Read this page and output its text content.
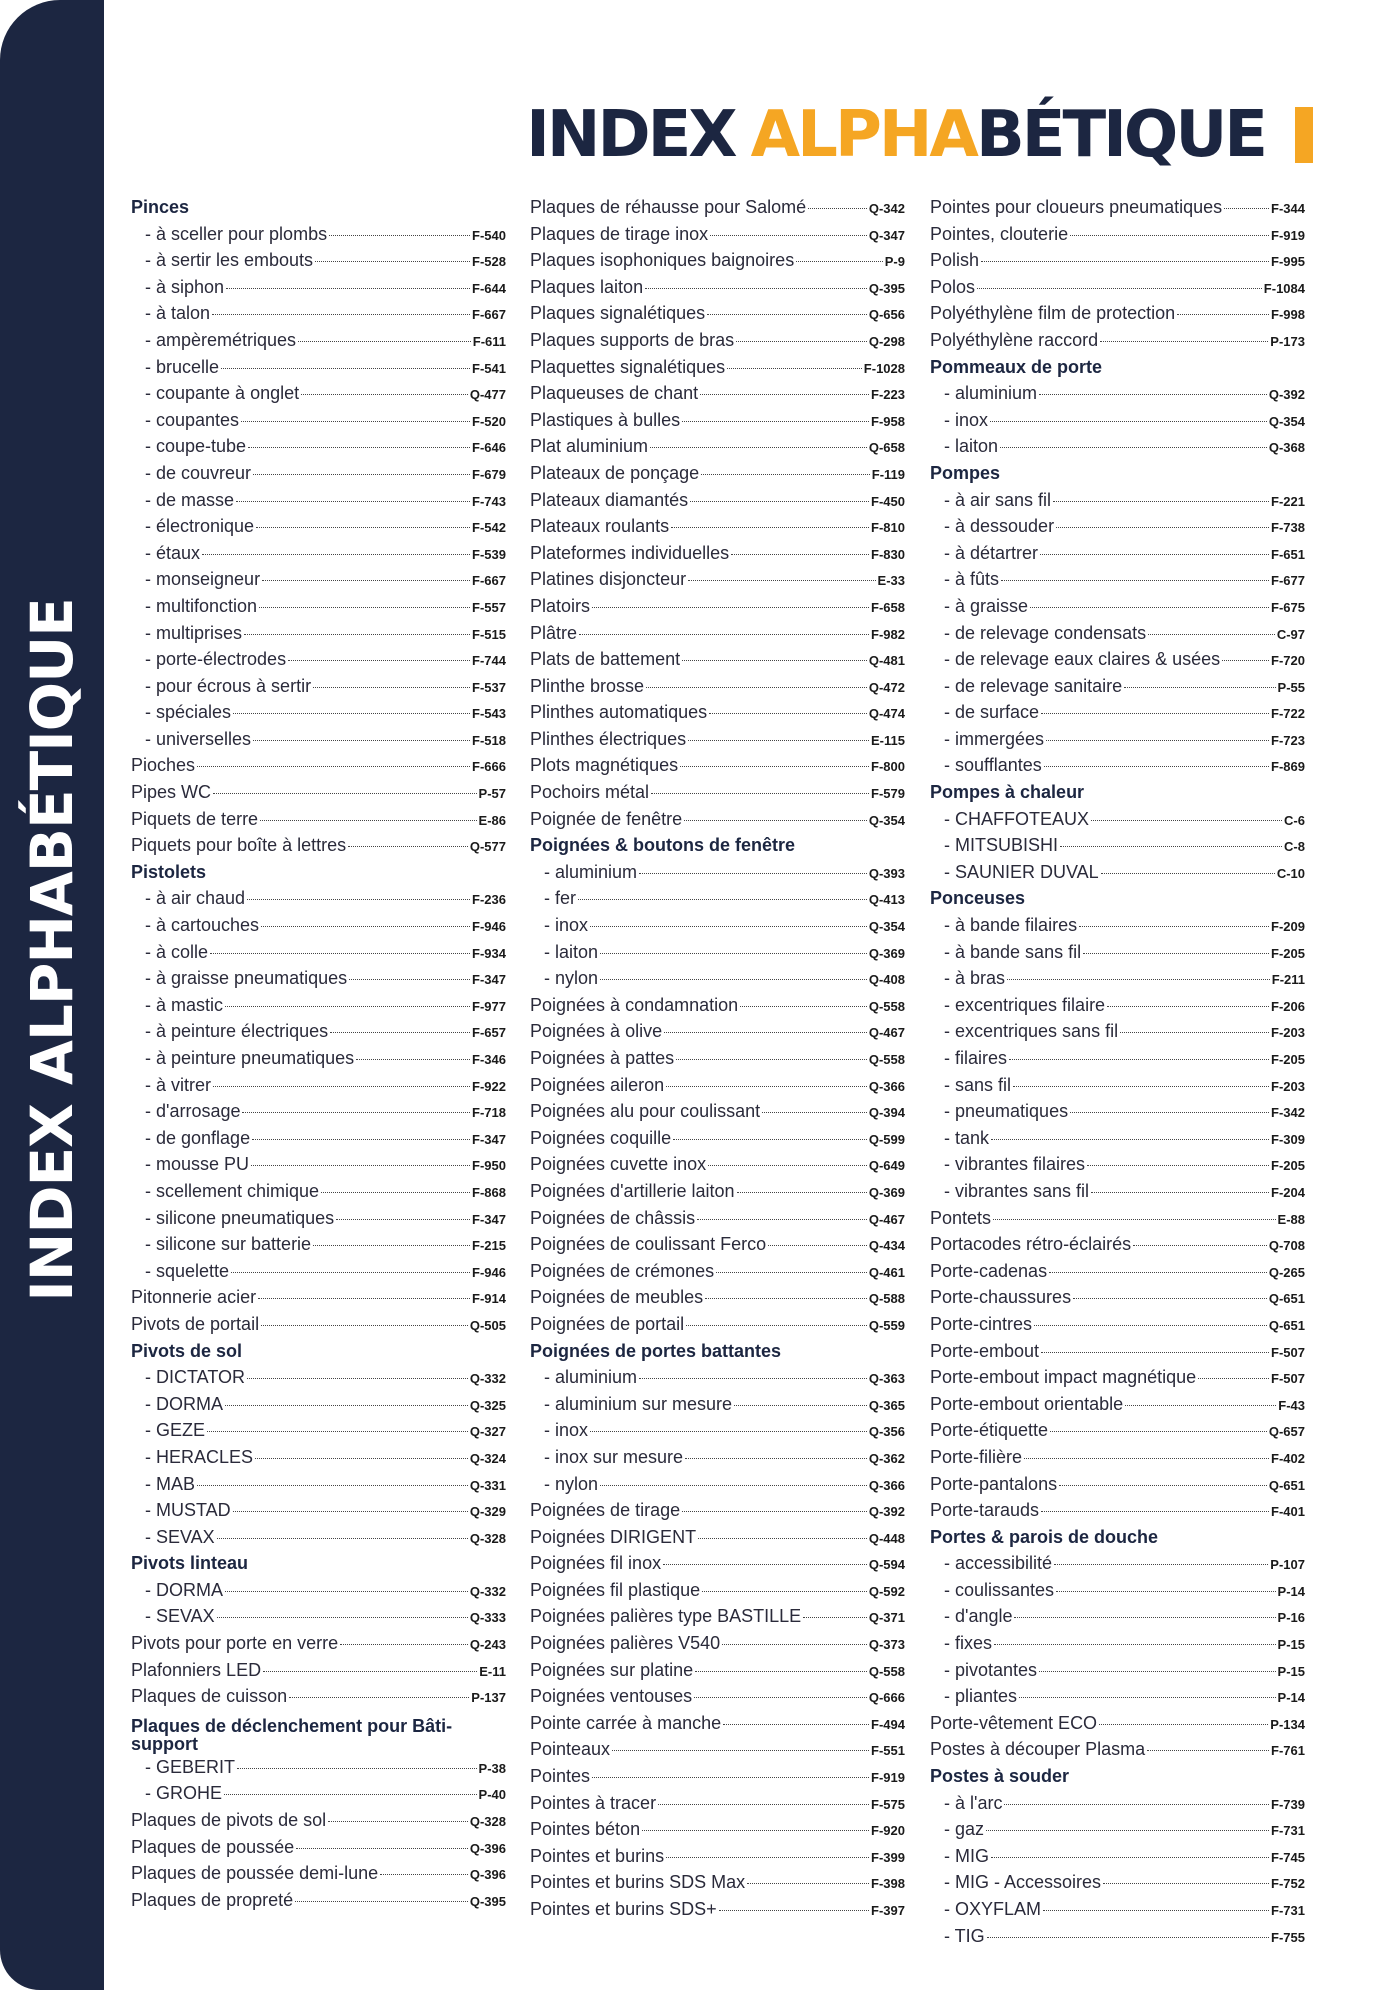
INDEX ALPHABÉTIQUE
INDEX ALPHA BÉTIQUE
Pinces
- à sceller pour plombs	F-540
- à sertir les embouts	F-528
- à siphon	F-644
- à talon	F-667
- ampèremétriques	F-611
- brucelle	F-541
- coupante à onglet	Q-477
- coupantes	F-520
- coupe-tube	F-646
- de couvreur	F-679
- de masse	F-743
- électronique	F-542
- étaux	F-539
- monseigneur	F-667
- multifonction	F-557
- multiprises	F-515
- porte-électrodes	F-744
- pour écrous à sertir	F-537
- spéciales	F-543
- universelles	F-518
Pioches	F-666
Pipes WC	P-57
Piquets de terre	E-86
Piquets pour boîte à lettres	Q-577
Pistolets
- à air chaud	F-236
- à cartouches	F-946
- à colle	F-934
- à graisse pneumatiques	F-347
- à mastic	F-977
- à peinture électriques	F-657
- à peinture pneumatiques	F-346
- à vitrer	F-922
- d'arrosage	F-718
- de gonflage	F-347
- mousse PU	F-950
- scellement chimique	F-868
- silicone pneumatiques	F-347
- silicone sur batterie	F-215
- squelette	F-946
Pitonnerie acier	F-914
Pivots de portail	Q-505
Pivots de sol
- DICTATOR	Q-332
- DORMA	Q-325
- GEZE	Q-327
- HERACLES	Q-324
- MAB	Q-331
- MUSTAD	Q-329
- SEVAX	Q-328
Pivots linteau
- DORMA	Q-332
- SEVAX	Q-333
Pivots pour porte en verre	Q-243
Plafonniers LED	E-11
Plaques de cuisson	P-137
Plaques de déclenchement pour Bâti-support
- GEBERIT	P-38
- GROHE	P-40
Plaques de pivots de sol	Q-328
Plaques de poussée	Q-396
Plaques de poussée demi-lune	Q-396
Plaques de propreté	Q-395
Plaques de réhausse pour Salomé	Q-342
Plaques de tirage inox	Q-347
Plaques isophoniques baignoires	P-9
Plaques laiton	Q-395
Plaques signalétiques	Q-656
Plaques supports de bras	Q-298
Plaquettes signalétiques	F-1028
Plaqueuses de chant	F-223
Plastiques à bulles	F-958
Plat aluminium	Q-658
Plateaux de ponçage	F-119
Plateaux diamantés	F-450
Plateaux roulants	F-810
Plateformes individuelles	F-830
Platines disjoncteur	E-33
Platoirs	F-658
Plâtre	F-982
Plats de battement	Q-481
Plinthe brosse	Q-472
Plinthes automatiques	Q-474
Plinthes électriques	E-115
Plots magnétiques	F-800
Pochoirs métal	F-579
Poignée de fenêtre	Q-354
Poignées & boutons de fenêtre
- aluminium	Q-393
- fer	Q-413
- inox	Q-354
- laiton	Q-369
- nylon	Q-408
Poignées à condamnation	Q-558
Poignées à olive	Q-467
Poignées à pattes	Q-558
Poignées aileron	Q-366
Poignées alu pour coulissant	Q-394
Poignées coquille	Q-599
Poignées cuvette inox	Q-649
Poignées d'artillerie laiton	Q-369
Poignées de châssis	Q-467
Poignées de coulissant Ferco	Q-434
Poignées de crémones	Q-461
Poignées de meubles	Q-588
Poignées de portail	Q-559
Poignées de portes battantes
- aluminium	Q-363
- aluminium sur mesure	Q-365
- inox	Q-356
- inox sur mesure	Q-362
- nylon	Q-366
Poignées de tirage	Q-392
Poignées DIRIGENT	Q-448
Poignées fil inox	Q-594
Poignées fil plastique	Q-592
Poignées palières type BASTILLE	Q-371
Poignées palières V540	Q-373
Poignées sur platine	Q-558
Poignées ventouses	Q-666
Pointe carrée à manche	F-494
Pointeaux	F-551
Pointes	F-919
Pointes à tracer	F-575
Pointes béton	F-920
Pointes et burins	F-399
Pointes et burins SDS Max	F-398
Pointes et burins SDS+	F-397
Pointes pour cloueurs pneumatiques	F-344
Pointes, clouterie	F-919
Polish	F-995
Polos	F-1084
Polyéthylène film de protection	F-998
Polyéthylène raccord	P-173
Pommeaux de porte
- aluminium	Q-392
- inox	Q-354
- laiton	Q-368
Pompes
- à air sans fil	F-221
- à dessouder	F-738
- à détartrer	F-651
- à fûts	F-677
- à graisse	F-675
- de relevage condensats	C-97
- de relevage eaux claires & usées	F-720
- de relevage sanitaire	P-55
- de surface	F-722
- immergées	F-723
- soufflantes	F-869
Pompes à chaleur
- CHAFFOTEAUX	C-6
- MITSUBISHI	C-8
- SAUNIER DUVAL	C-10
Ponceuses
- à bande filaires	F-209
- à bande sans fil	F-205
- à bras	F-211
- excentriques filaire	F-206
- excentriques sans fil	F-203
- filaires	F-205
- sans fil	F-203
- pneumatiques	F-342
- tank	F-309
- vibrantes filaires	F-205
- vibrantes sans fil	F-204
Pontets	E-88
Portacodes rétro-éclairés	Q-708
Porte-cadenas	Q-265
Porte-chaussures	Q-651
Porte-cintres	Q-651
Porte-embout	F-507
Porte-embout impact magnétique	F-507
Porte-embout orientable	F-43
Porte-étiquette	Q-657
Porte-filière	F-402
Porte-pantalons	Q-651
Porte-tarauds	F-401
Portes & parois de douche
- accessibilité	P-107
- coulissantes	P-14
- d'angle	P-16
- fixes	P-15
- pivotantes	P-15
- pliantes	P-14
Porte-vêtement ECO	P-134
Postes à découper Plasma	F-761
Postes à souder
- à l'arc	F-739
- gaz	F-731
- MIG	F-745
- MIG - Accessoires	F-752
- OXYFLAM	F-731
- TIG	F-755
